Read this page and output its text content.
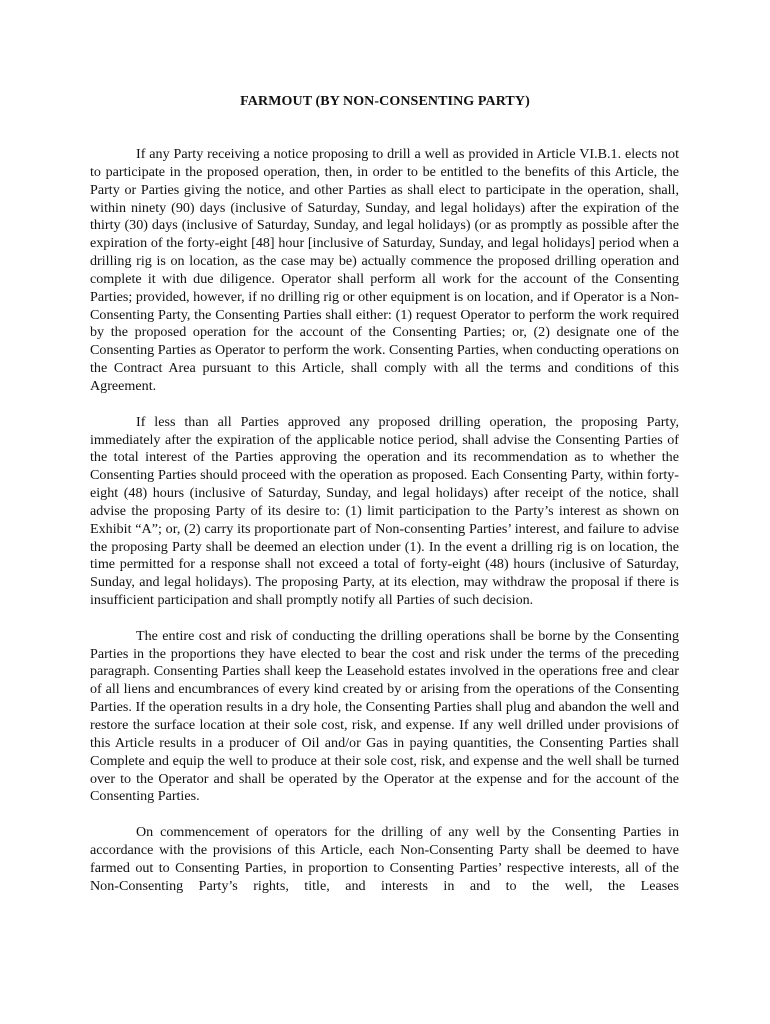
FARMOUT (BY NON-CONSENTING PARTY)

If any Party receiving a notice proposing to drill a well as provided in Article VI.B.1. elects not to participate in the proposed operation, then, in order to be entitled to the benefits of this Article, the Party or Parties giving the notice, and other Parties as shall elect to participate in the operation, shall, within ninety (90) days (inclusive of Saturday, Sunday, and legal holidays) after the expiration of the thirty (30) days (inclusive of Saturday, Sunday, and legal holidays) (or as promptly as possible after the expiration of the forty-eight [48] hour [inclusive of Saturday, Sunday, and legal holidays] period when a drilling rig is on location, as the case may be) actually commence the proposed drilling operation and complete it with due diligence. Operator shall perform all work for the account of the Consenting Parties; provided, however, if no drilling rig or other equipment is on location, and if Operator is a Non-Consenting Party, the Consenting Parties shall either: (1) request Operator to perform the work required by the proposed operation for the account of the Consenting Parties; or, (2) designate one of the Consenting Parties as Operator to perform the work. Consenting Parties, when conducting operations on the Contract Area pursuant to this Article, shall comply with all the terms and conditions of this Agreement.

If less than all Parties approved any proposed drilling operation, the proposing Party, immediately after the expiration of the applicable notice period, shall advise the Consenting Parties of the total interest of the Parties approving the operation and its recommendation as to whether the Consenting Parties should proceed with the operation as proposed. Each Consenting Party, within forty-eight (48) hours (inclusive of Saturday, Sunday, and legal holidays) after receipt of the notice, shall advise the proposing Party of its desire to: (1) limit participation to the Party’s interest as shown on Exhibit “A”; or, (2) carry its proportionate part of Non-consenting Parties’ interest, and failure to advise the proposing Party shall be deemed an election under (1). In the event a drilling rig is on location, the time permitted for a response shall not exceed a total of forty-eight (48) hours (inclusive of Saturday, Sunday, and legal holidays). The proposing Party, at its election, may withdraw the proposal if there is insufficient participation and shall promptly notify all Parties of such decision.

The entire cost and risk of conducting the drilling operations shall be borne by the Consenting Parties in the proportions they have elected to bear the cost and risk under the terms of the preceding paragraph. Consenting Parties shall keep the Leasehold estates involved in the operations free and clear of all liens and encumbrances of every kind created by or arising from the operations of the Consenting Parties. If the operation results in a dry hole, the Consenting Parties shall plug and abandon the well and restore the surface location at their sole cost, risk, and expense. If any well drilled under provisions of this Article results in a producer of Oil and/or Gas in paying quantities, the Consenting Parties shall Complete and equip the well to produce at their sole cost, risk, and expense and the well shall be turned over to the Operator and shall be operated by the Operator at the expense and for the account of the Consenting Parties.

On commencement of operators for the drilling of any well by the Consenting Parties in accordance with the provisions of this Article, each Non-Consenting Party shall be deemed to have farmed out to Consenting Parties, in proportion to Consenting Parties’ respective interests, all of the Non-Consenting Party’s rights, title, and interests in and to the well, the Leases
